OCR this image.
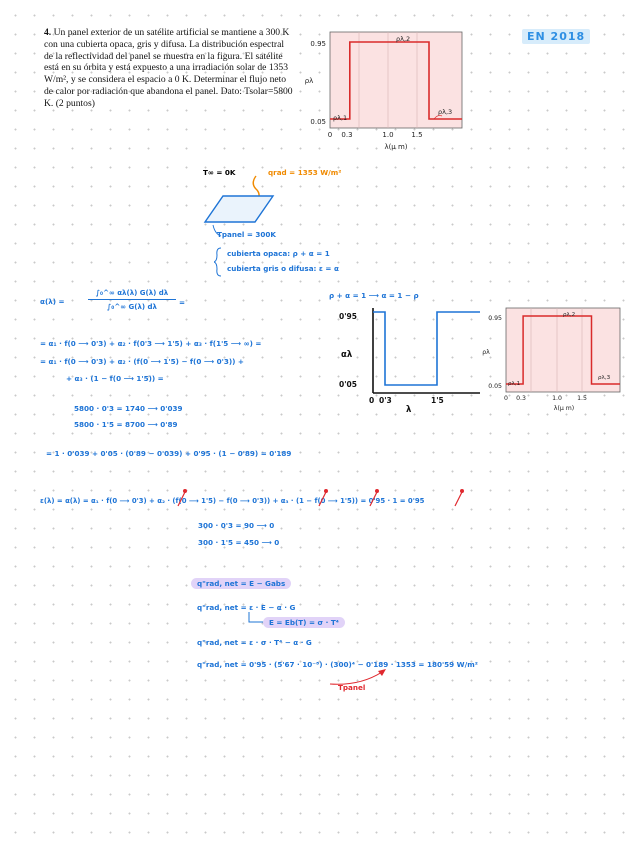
4. Un panel exterior de un satélite artificial se mantiene a 300 K con una cubierta opaca, gris y difusa. La distribución espectral de la reflectividad del panel se muestra en la figura. El satélite está en su órbita y está expuesto a una irradiación solar de 1353 W/m², y se considera el espacio a 0 K. Determinar el flujo neto de calor por radiación que abandona el panel. Dato: Tsolar=5800 K. (2 puntos)
EN 2018
0.95
0.05
0 0.3	1.0	1.5
λ(μ m)
ρλ
ρλ,1
ρλ,2
ρλ,3
T∞ = 0K	qrad = 1353 W/m²
Tpanel = 300K
cubierta opaca: ρ + α = 1
cubierta gris o difusa: ε = α
α(λ) =	$\frac{\text{∫₀\textasciicircum{}∞ αλ(λ) G(λ) dλ}}{\text{∫₀\textasciicircum{}∞ G(λ) dλ}}$ =
ρ + α = 1 ⟶ α = 1 − ρ
= α₁ · f(0 ⟶ 0'3) + α₂ · f(0'3 ⟶ 1'5) + α₃ · f(1'5 ⟶ ∞) =
= α₁ · f(0 ⟶ 0'3) + α₂ · (f(0 ⟶ 1'5) − f(0 ⟶ 0'3)) +
+ α₃ · (1 − f(0 ⟶ 1'5)) =
5800 · 0'3 = 1740 ⟶ 0'039
5800 · 1'5 = 8700 ⟶ 0'89
= 1 · 0'039 + 0'05 · (0'89 − 0'039) + 0'95 · (1 − 0'89) = 0'189
0'95
0'05
αλ
0 0'3	1'5
λ
0.95
0.05
0 0.3	1.0 1.5
λ(μ m)
ρλ
ρλ,1
ρλ,2
ρλ,3
ε(λ) = α(λ) = α₁ · f(0 ⟶ 0'3) + α₂ · (f(0 ⟶ 1'5) − f(0 ⟶ 0'3)) + α₃ · (1 − f(0 ⟶ 1'5)) = 0'95 · 1 = 0'95
300 · 0'3 = 90 ⟶ 0
300 · 1'5 = 450 ⟶ 0
q"rad, net = E − Gabs
q"rad, net = ε · E − α · G
E = Eb(T) = σ · T⁴
q"rad, net = ε · σ · T⁴ − α · G
q"rad, net = 0'95 · (5'67 · 10⁻⁸) · (300)⁴ − 0'189 · 1353 = 180'59 W/m²
Tpanel
